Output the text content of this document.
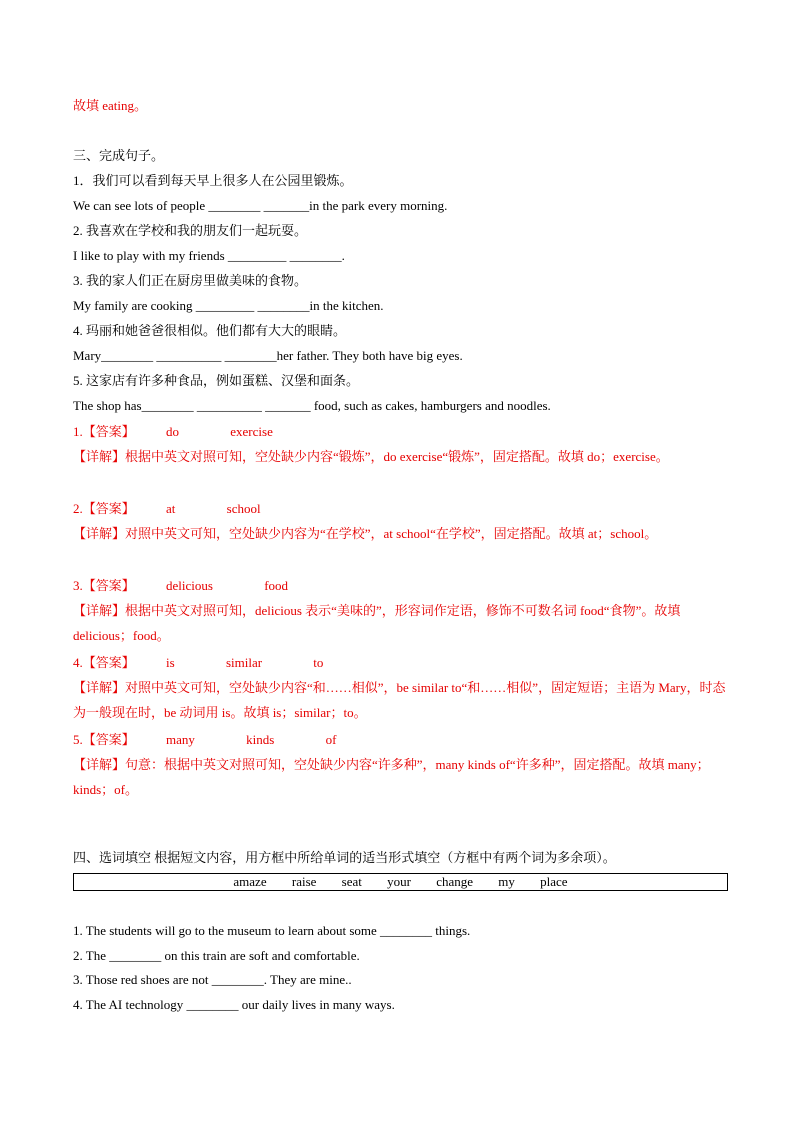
故填 eating。
三、完成句子。
1．我们可以看到每天早上很多人在公园里锻炼。
We can see lots of people ________ _______in the park every morning.
2. 我喜欢在学校和我的朋友们一起玩耍。
I like to play with my friends _________ ________.
3. 我的家人们正在厨房里做美味的食物。
My family are cooking _________ ________in the kitchen.
4. 玛丽和她爸爸很相似。他们都有大大的眼睛。
Mary________ __________ ________her father. They both have big eyes.
5. 这家店有许多种食品，例如蛋糕、汉堡和面条。
The shop has________ __________ _______ food, such as cakes, hamburgers and noodles.
1.【答案】 do	exercise
【详解】根据中英文对照可知，空处缺少内容“锻炼”，do exercise“锻炼”，固定搭配。故填 do；exercise。
2.【答案】 at	school
【详解】对照中英文可知，空处缺少内容为“在学校”，at school“在学校”，固定搭配。故填 at；school。
3.【答案】 delicious	food
【详解】根据中英文对照可知，delicious 表示“美味的”，形容词作定语，修饰不可数名词 food“食物”。故填 delicious；food。
4.【答案】 is	similar	to
【详解】对照中英文可知，空处缺少内容“和……相似”，be similar to“和……相似”，固定短语；主语为 Mary，时态为一般现在时，be 动词用 is。故填 is；similar；to。
5.【答案】 many	kinds	of
【详解】句意：根据中英文对照可知，空处缺少内容“许多种”，many kinds of“许多种”，固定搭配。故填 many；kinds；of。
四、选词填空 根据短文内容，用方框中所给单词的适当形式填空（方框中有两个词为多余项）。
amaze raise seat your change my place
1. The students will go to the museum to learn about some ________ things.
2. The ________ on this train are soft and comfortable.
3. Those red shoes are not ________. They are mine..
4. The AI technology ________ our daily lives in many ways.
